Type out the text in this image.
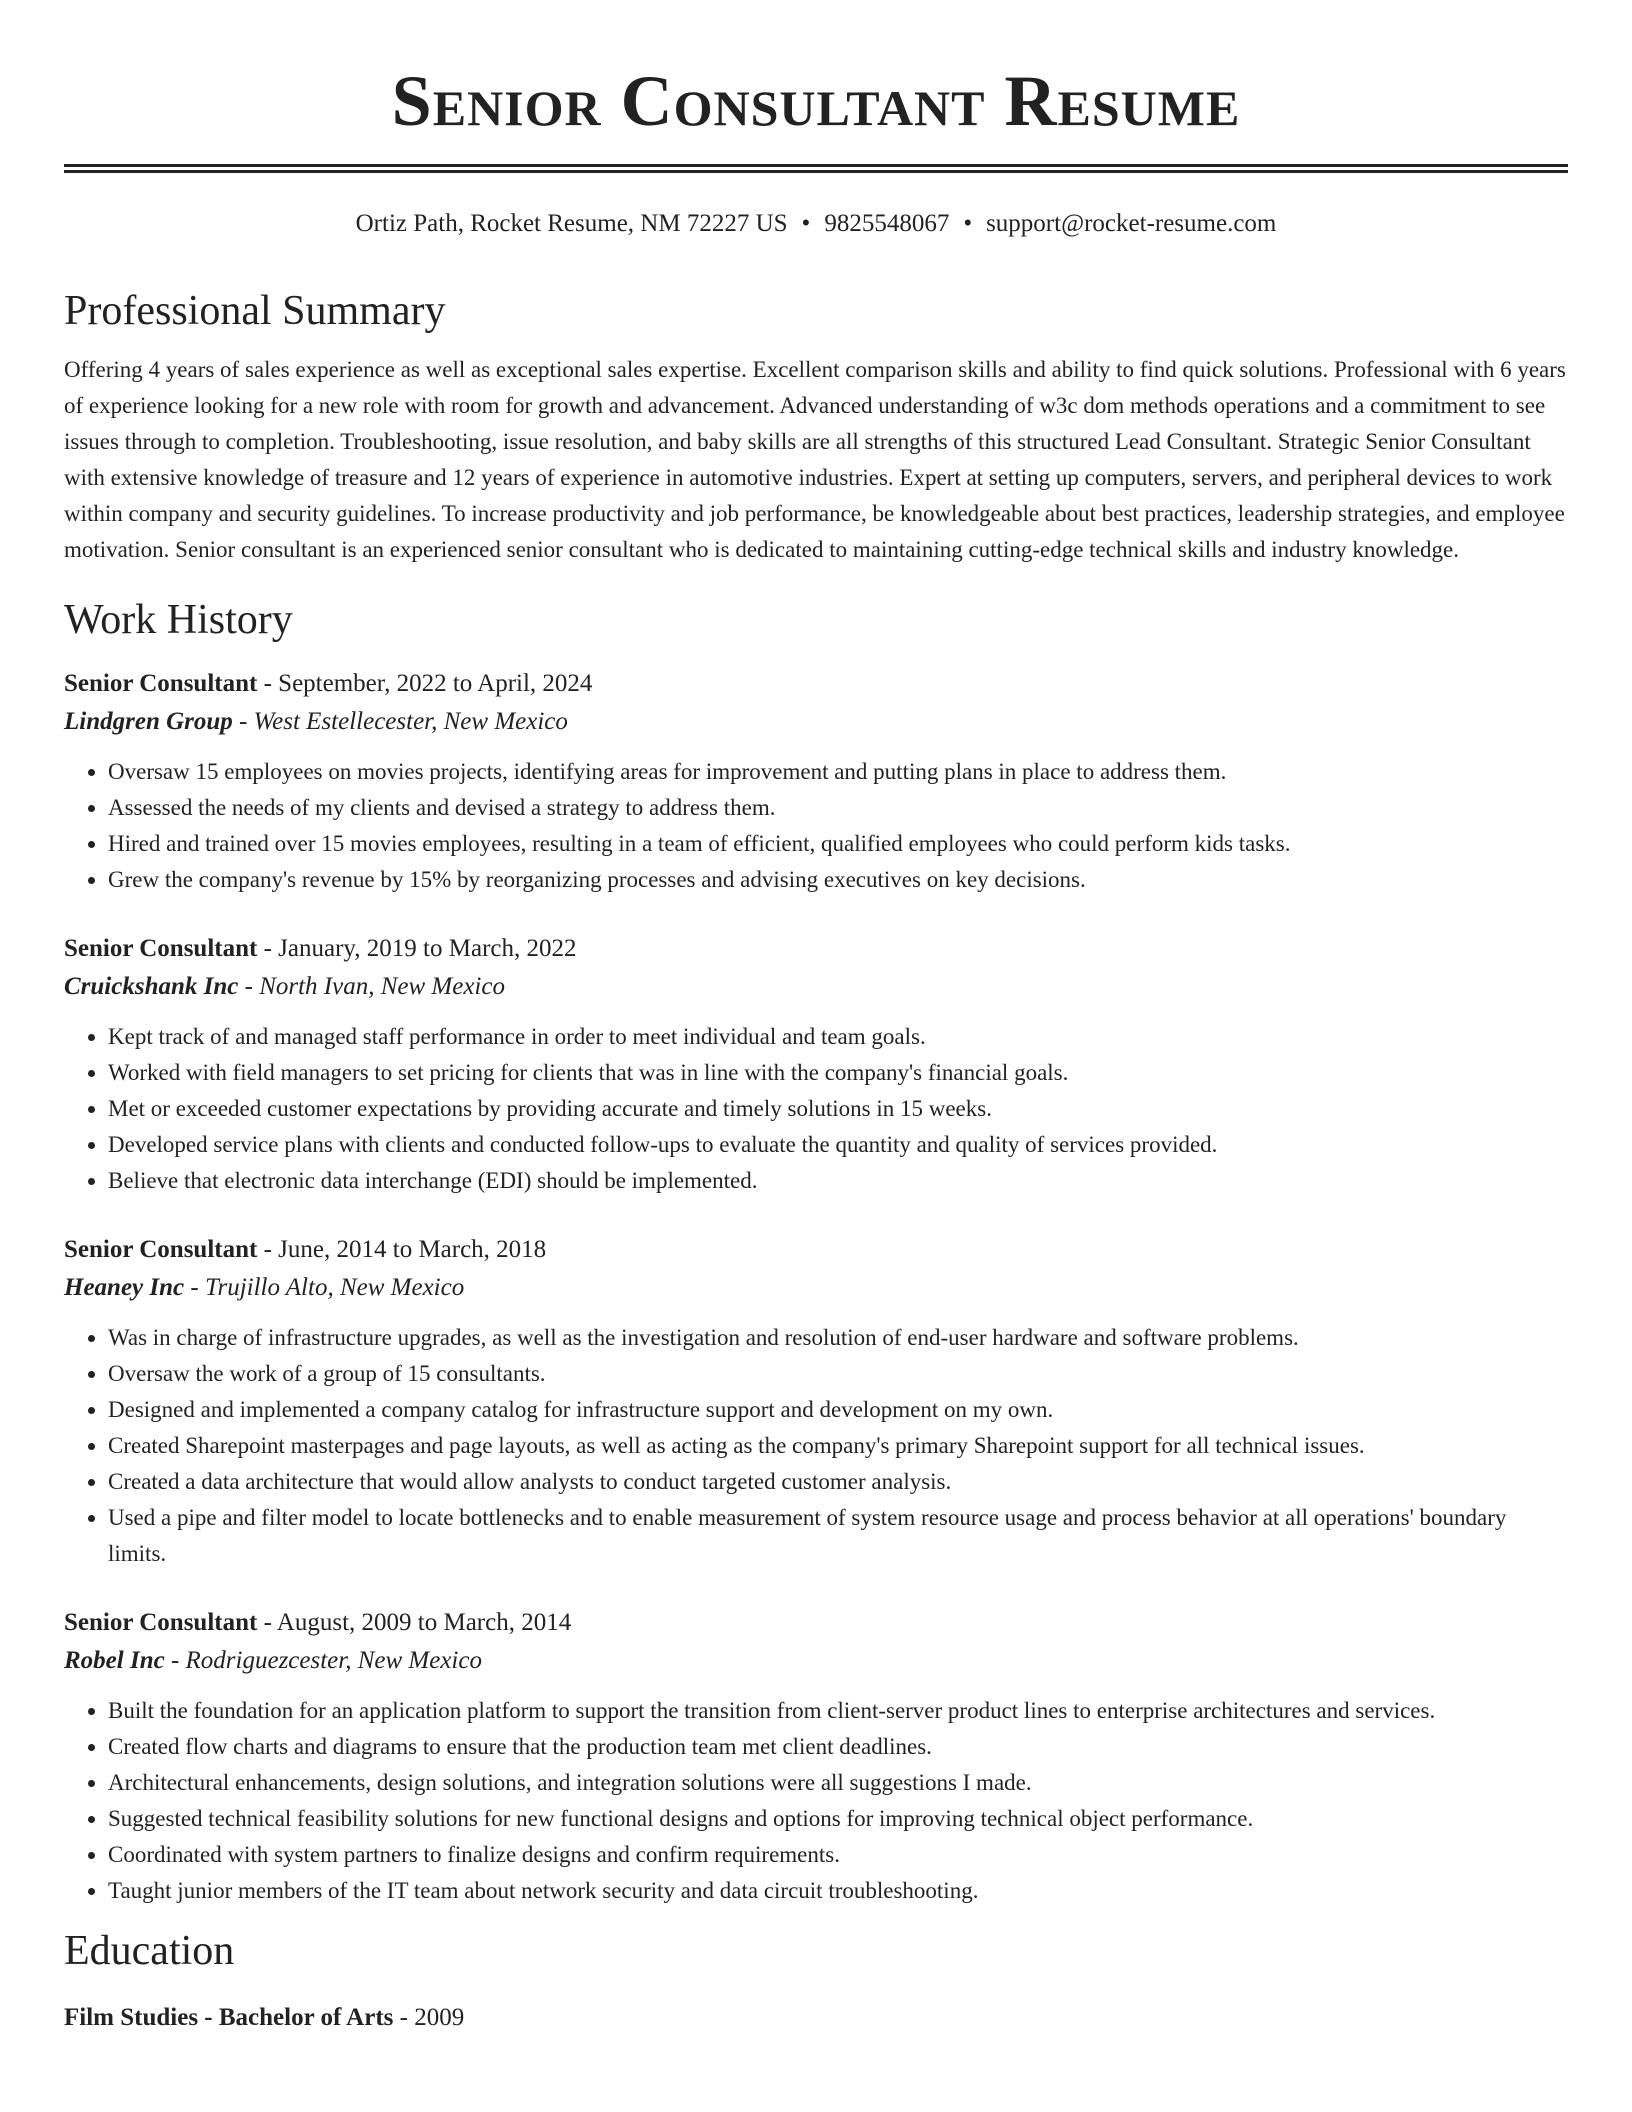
Senior Consultant Resume
Ortiz Path, Rocket Resume, NM 72227 US • 9825548067 • support@rocket-resume.com
Professional Summary

Offering 4 years of sales experience as well as exceptional sales expertise. Excellent comparison skills and ability to find quick solutions. Professional with 6 years of experience looking for a new role with room for growth and advancement. Advanced understanding of w3c dom methods operations and a commitment to see issues through to completion. Troubleshooting, issue resolution, and baby skills are all strengths of this structured Lead Consultant. Strategic Senior Consultant with extensive knowledge of treasure and 12 years of experience in automotive industries. Expert at setting up computers, servers, and peripheral devices to work within company and security guidelines. To increase productivity and job performance, be knowledgeable about best practices, leadership strategies, and employee motivation. Senior consultant is an experienced senior consultant who is dedicated to maintaining cutting-edge technical skills and industry knowledge.

Work History
Senior Consultant - September, 2022 to April, 2024
Lindgren Group - West Estellecester, New Mexico
• Oversaw 15 employees on movies projects, identifying areas for improvement and putting plans in place to address them.
• Assessed the needs of my clients and devised a strategy to address them.
• Hired and trained over 15 movies employees, resulting in a team of efficient, qualified employees who could perform kids tasks.
• Grew the company's revenue by 15% by reorganizing processes and advising executives on key decisions.
Senior Consultant - January, 2019 to March, 2022
Cruickshank Inc - North Ivan, New Mexico
• Kept track of and managed staff performance in order to meet individual and team goals.
• Worked with field managers to set pricing for clients that was in line with the company's financial goals.
• Met or exceeded customer expectations by providing accurate and timely solutions in 15 weeks.
• Developed service plans with clients and conducted follow-ups to evaluate the quantity and quality of services provided.
• Believe that electronic data interchange (EDI) should be implemented.
Senior Consultant - June, 2014 to March, 2018
Heaney Inc - Trujillo Alto, New Mexico
• Was in charge of infrastructure upgrades, as well as the investigation and resolution of end-user hardware and software problems.
• Oversaw the work of a group of 15 consultants.
• Designed and implemented a company catalog for infrastructure support and development on my own.
• Created Sharepoint masterpages and page layouts, as well as acting as the company's primary Sharepoint support for all technical issues.
• Created a data architecture that would allow analysts to conduct targeted customer analysis.
• Used a pipe and filter model to locate bottlenecks and to enable measurement of system resource usage and process behavior at all operations' boundary limits.
Senior Consultant - August, 2009 to March, 2014
Robel Inc - Rodriguezcester, New Mexico
• Built the foundation for an application platform to support the transition from client-server product lines to enterprise architectures and services.
• Created flow charts and diagrams to ensure that the production team met client deadlines.
• Architectural enhancements, design solutions, and integration solutions were all suggestions I made.
• Suggested technical feasibility solutions for new functional designs and options for improving technical object performance.
• Coordinated with system partners to finalize designs and confirm requirements.
• Taught junior members of the IT team about network security and data circuit troubleshooting.
Education
Film Studies - Bachelor of Arts - 2009
